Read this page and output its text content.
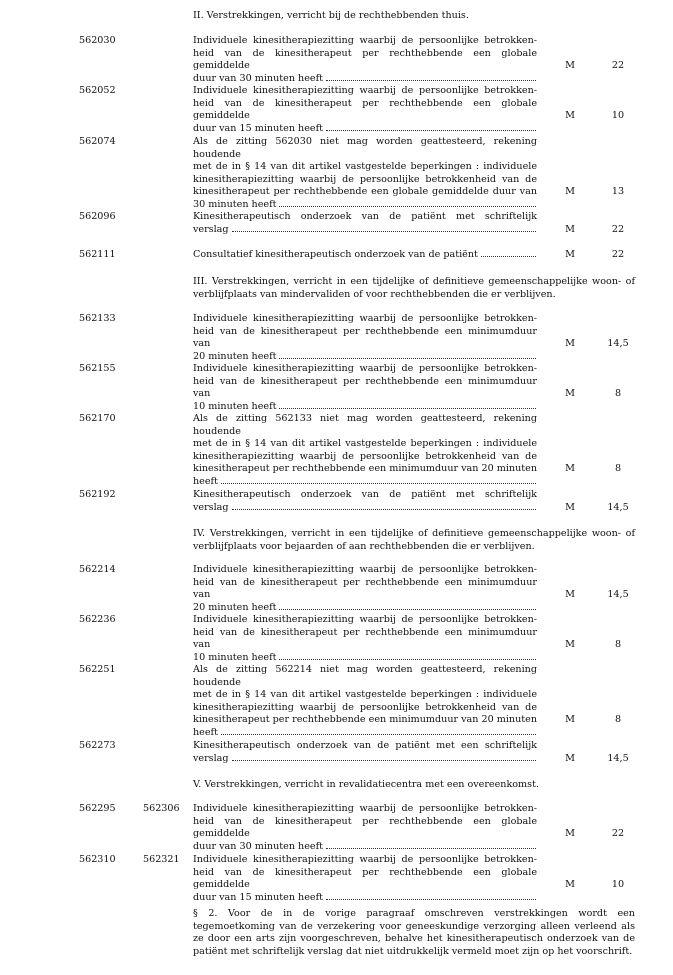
II. Verstrekkingen, verricht bij de rechthebbenden thuis.
III. Verstrekkingen, verricht in een tijdelijke of definitieve gemeenschappelijke woon- of verblijfplaats van mindervaliden of voor rechthebbenden die er verblijven.
IV. Verstrekkingen, verricht in een tijdelijke of definitieve gemeenschappelijke woon- of verblijfplaats voor bejaarden of aan rechthebbenden die er verblijven.
V. Verstrekkingen, verricht in revalidatiecentra met een overeenkomst.
562030	Individuele kinesitherapiezitting waarbij de persoonlijke betrokken-

heid van de kinesitherapeut per rechthebbende een globale gemiddelde

duur van 30 minuten heeft
M	22
562052	Individuele kinesitherapiezitting waarbij de persoonlijke betrokken-

heid van de kinesitherapeut per rechthebbende een globale gemiddelde

duur van 15 minuten heeft
M	10
562074	Als de zitting 562030 niet mag worden geattesteerd, rekening houdende

met de in § 14 van dit artikel vastgestelde beperkingen : individuele

kinesitherapiezitting waarbij de persoonlijke betrokkenheid van de

kinesitherapeut per rechthebbende een globale gemiddelde duur van

30 minuten heeft
M	13
562096	Kinesitherapeutisch onderzoek van de patiënt met schriftelijk

verslag	M	22
562111	Consultatief kinesitherapeutisch onderzoek van de patiënt	M	22
562133	Individuele kinesitherapiezitting waarbij de persoonlijke betrokken-

heid van de kinesitherapeut per rechthebbende een minimumduur van

20 minuten heeft
M	14,5
562155	Individuele kinesitherapiezitting waarbij de persoonlijke betrokken-

heid van de kinesitherapeut per rechthebbende een minimumduur van

10 minuten heeft
M	8
562170	Als de zitting 562133 niet mag worden geattesteerd, rekening houdende

met de in § 14 van dit artikel vastgestelde beperkingen : individuele

kinesitherapiezitting waarbij de persoonlijke betrokkenheid van de

kinesitherapeut per rechthebbende een minimumduur van 20 minuten

heeft
M	8
562192	Kinesitherapeutisch onderzoek van de patiënt met schriftelijk

verslag	M	14,5
562214	Individuele kinesitherapiezitting waarbij de persoonlijke betrokken-

heid van de kinesitherapeut per rechthebbende een minimumduur van

20 minuten heeft
M	14,5
562236	Individuele kinesitherapiezitting waarbij de persoonlijke betrokken-

heid van de kinesitherapeut per rechthebbende een minimumduur van

10 minuten heeft
M	8
562251	Als de zitting 562214 niet mag worden geattesteerd, rekening houdende

met de in § 14 van dit artikel vastgestelde beperkingen : individuele

kinesitherapiezitting waarbij de persoonlijke betrokkenheid van de

kinesitherapeut per rechthebbende een minimumduur van 20 minuten

heeft
M	8
562273	Kinesitherapeutisch onderzoek van de patiënt met een schriftelijk

verslag	M	14,5
562295	562306 Individuele kinesitherapiezitting waarbij de persoonlijke betrokken-

heid van de kinesitherapeut per rechthebbende een globale gemiddelde

duur van 30 minuten heeft
M	22
562310	562321 Individuele kinesitherapiezitting waarbij de persoonlijke betrokken-

heid van de kinesitherapeut per rechthebbende een globale gemiddelde

duur van 15 minuten heeft
M	10
§ 2. Voor de in de vorige paragraaf omschreven verstrekkingen wordt een tegemoetkoming van de verzekering voor geneeskundige verzorging alleen verleend als ze door een arts zijn voorgeschreven, behalve het kinesitherapeutisch onderzoek van de patiënt met schriftelijk verslag dat niet uitdrukkelijk vermeld moet zijn op het voorschrift.
